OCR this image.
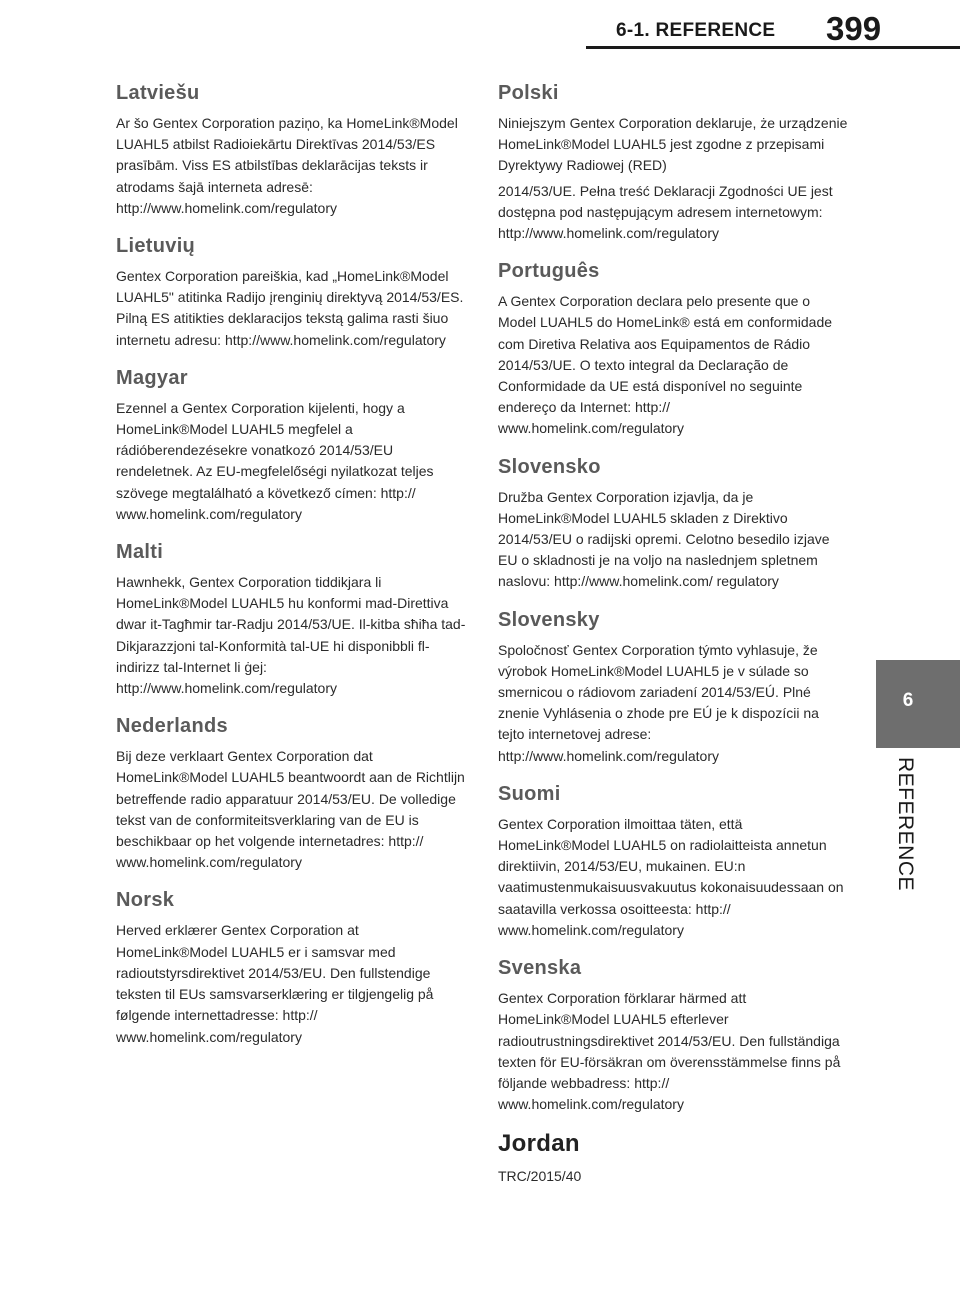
6-1. REFERENCE 399
6
REFERENCE
Latviešu
Ar šo Gentex Corporation paziņo, ka HomeLink®Model LUAHL5 atbilst Radioiekārtu Direktīvas 2014/53/ES prasībām. Viss ES atbilstības deklarācijas teksts ir atrodams šajā interneta adresē: http://www.homelink.com/regulatory
Lietuvių
Gentex Corporation pareiškia, kad „HomeLink®Model LUAHL5" atitinka Radijo įrenginių direktyvą 2014/53/ES. Pilną ES atitikties deklaracijos tekstą galima rasti šiuo internetu adresu: http://www.homelink.com/regulatory
Magyar
Ezennel a Gentex Corporation kijelenti, hogy a HomeLink®Model LUAHL5 megfelel a rádióberendezésekre vonatkozó 2014/53/EU rendeletnek. Az EU-megfelelőségi nyilatkozat teljes szövege megtalálható a következő címen: http:// www.homelink.com/regulatory
Malti
Hawnhekk, Gentex Corporation tiddikjara li HomeLink®Model LUAHL5 hu konformi mad-Direttiva dwar it-Tagħmir tar-Radju 2014/53/UE. Il-kitba sħiħa tad-Dikjarazzjoni tal-Konformità tal-UE hi disponibbli fl-indirizz tal-Internet li ġej: http://www.homelink.com/regulatory
Nederlands
Bij deze verklaart Gentex Corporation dat HomeLink®Model LUAHL5 beantwoordt aan de Richtlijn betreffende radio apparatuur 2014/53/EU. De volledige tekst van de conformiteitsverklaring van de EU is beschikbaar op het volgende internetadres: http:// www.homelink.com/regulatory
Norsk
Herved erklærer Gentex Corporation at HomeLink®Model LUAHL5 er i samsvar med radioutstyrsdirektivet 2014/53/EU. Den fullstendige teksten til EUs samsvarserklæring er tilgjengelig på følgende internettadresse: http:// www.homelink.com/regulatory
Polski
Niniejszym Gentex Corporation deklaruje, że urządzenie HomeLink®Model LUAHL5 jest zgodne z przepisami Dyrektywy Radiowej (RED)
2014/53/UE. Pełna treść Deklaracji Zgodności UE jest dostępna pod następującym adresem internetowym: http://www.homelink.com/regulatory
Português
A Gentex Corporation declara pelo presente que o Model LUAHL5 do HomeLink® está em conformidade com Diretiva Relativa aos Equipamentos de Rádio 2014/53/UE. O texto integral da Declaração de Conformidade da UE está disponível no seguinte endereço da Internet: http:// www.homelink.com/regulatory
Slovensko
Družba Gentex Corporation izjavlja, da je HomeLink®Model LUAHL5 skladen z Direktivo 2014/53/EU o radijski opremi. Celotno besedilo izjave EU o skladnosti je na voljo na naslednjem spletnem naslovu: http://www.homelink.com/ regulatory
Slovensky
Spoločnosť Gentex Corporation týmto vyhlasuje, že výrobok HomeLink®Model LUAHL5 je v súlade so smernicou o rádiovom zariadení 2014/53/EÚ. Plné znenie Vyhlásenia o zhode pre EÚ je k dispozícii na tejto internetovej adrese: http://www.homelink.com/regulatory
Suomi
Gentex Corporation ilmoittaa täten, että HomeLink®Model LUAHL5 on radiolaitteista annetun direktiivin, 2014/53/EU, mukainen. EU:n vaatimustenmukaisuusvakuutus kokonaisuudessaan on saatavilla verkossa osoitteesta: http:// www.homelink.com/regulatory
Svenska
Gentex Corporation förklarar härmed att HomeLink®Model LUAHL5 efterlever radioutrustningsdirektivet 2014/53/EU. Den fullständiga texten för EU-försäkran om överensstämmelse finns på följande webbadress: http:// www.homelink.com/regulatory
Jordan
TRC/2015/40
